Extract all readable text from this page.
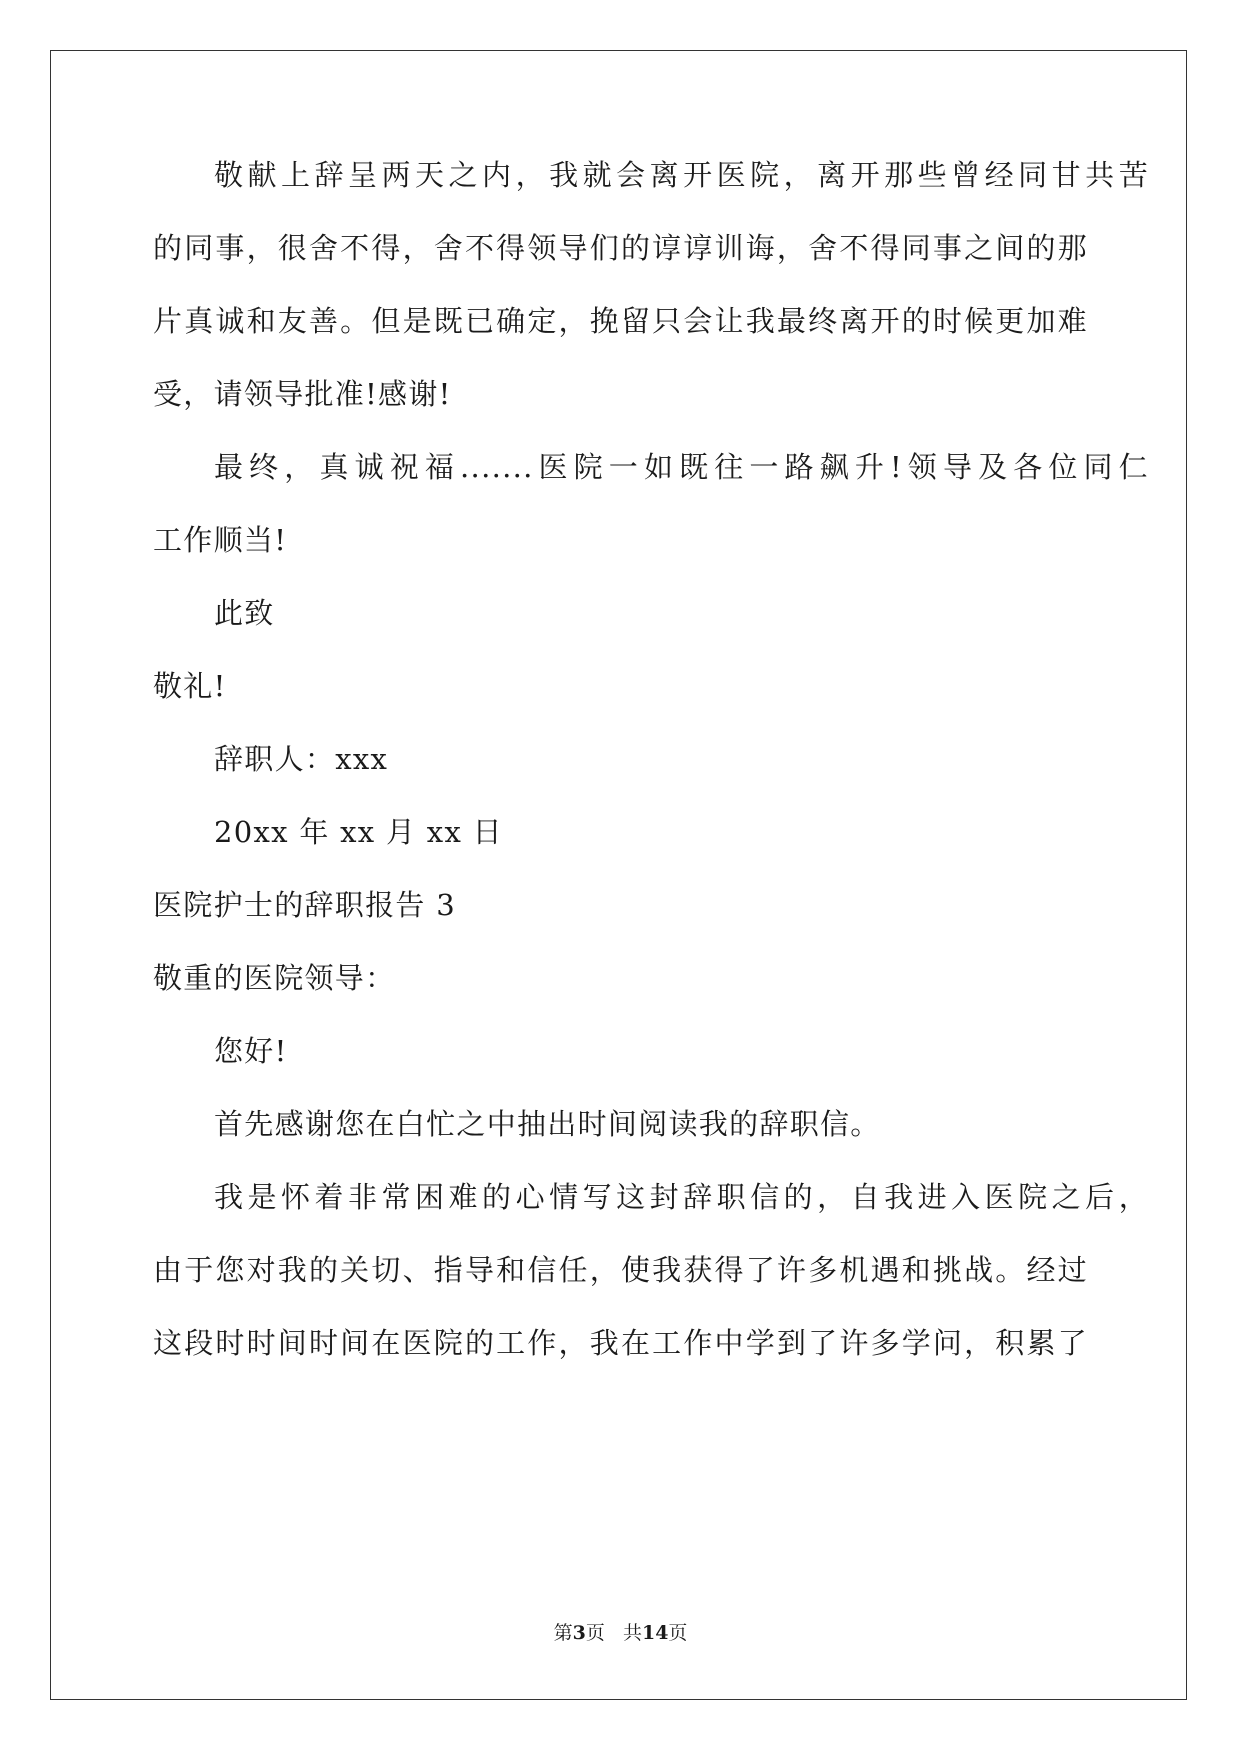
敬献上辞呈两天之内，我就会离开医院，离开那些曾经同甘共苦
的同事，很舍不得，舍不得领导们的谆谆训诲，舍不得同事之间的那
片真诚和友善。但是既已确定，挽留只会让我最终离开的时候更加难
受，请领导批准!感谢!
最终，真诚祝福.......医院一如既往一路飙升!领导及各位同仁
工作顺当!
此致
敬礼!
辞职人：xxx
20xx 年 xx 月 xx 日
医院护士的辞职报告 3
敬重的医院领导：
您好!
首先感谢您在白忙之中抽出时间阅读我的辞职信。
我是怀着非常困难的心情写这封辞职信的，自我进入医院之后，
由于您对我的关切、指导和信任，使我获得了许多机遇和挑战。经过
这段时时间时间在医院的工作，我在工作中学到了许多学问，积累了
第3页 共14页
